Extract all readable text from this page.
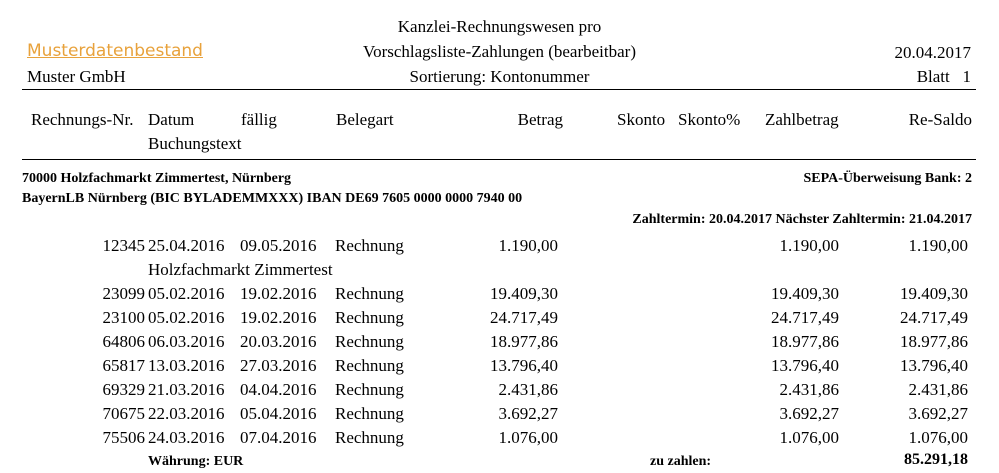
Musterdatenbestand
Muster GmbH
Kanzlei-Rechnungswesen pro
Vorschlagsliste-Zahlungen (bearbeitbar)
Sortierung: Kontonummer
20.04.2017
Blatt 1
Rechnungs-Nr. Datum	fällig	Belegart	Betrag	Skonto Skonto% Zahlbetrag	Re-Saldo
Buchungstext
70000 Holzfachmarkt Zimmertest, Nürnberg	SEPA-Überweisung Bank: 2
BayernLB Nürnberg (BIC BYLADEMMXXX) IBAN DE69 7605 0000 0000 7940 00
Zahltermin: 20.04.2017 Nächster Zahltermin: 21.04.2017
12345 25.04.2016 09.05.2016 Rechnung	1.190,00	1.190,00	1.190,00
Holzfachmarkt Zimmertest
23099 05.02.2016 19.02.2016 Rechnung	19.409,30	19.409,30	19.409,30
23100 05.02.2016 19.02.2016 Rechnung	24.717,49	24.717,49	24.717,49
64806 06.03.2016 20.03.2016 Rechnung	18.977,86	18.977,86	18.977,86
65817 13.03.2016 27.03.2016 Rechnung	13.796,40	13.796,40	13.796,40
69329 21.03.2016 04.04.2016 Rechnung	2.431,86	2.431,86	2.431,86
70675 22.03.2016 05.04.2016 Rechnung	3.692,27	3.692,27	3.692,27
75506 24.03.2016 07.04.2016 Rechnung	1.076,00	1.076,00	1.076,00
Währung: EUR	zu zahlen:	85.291,18
